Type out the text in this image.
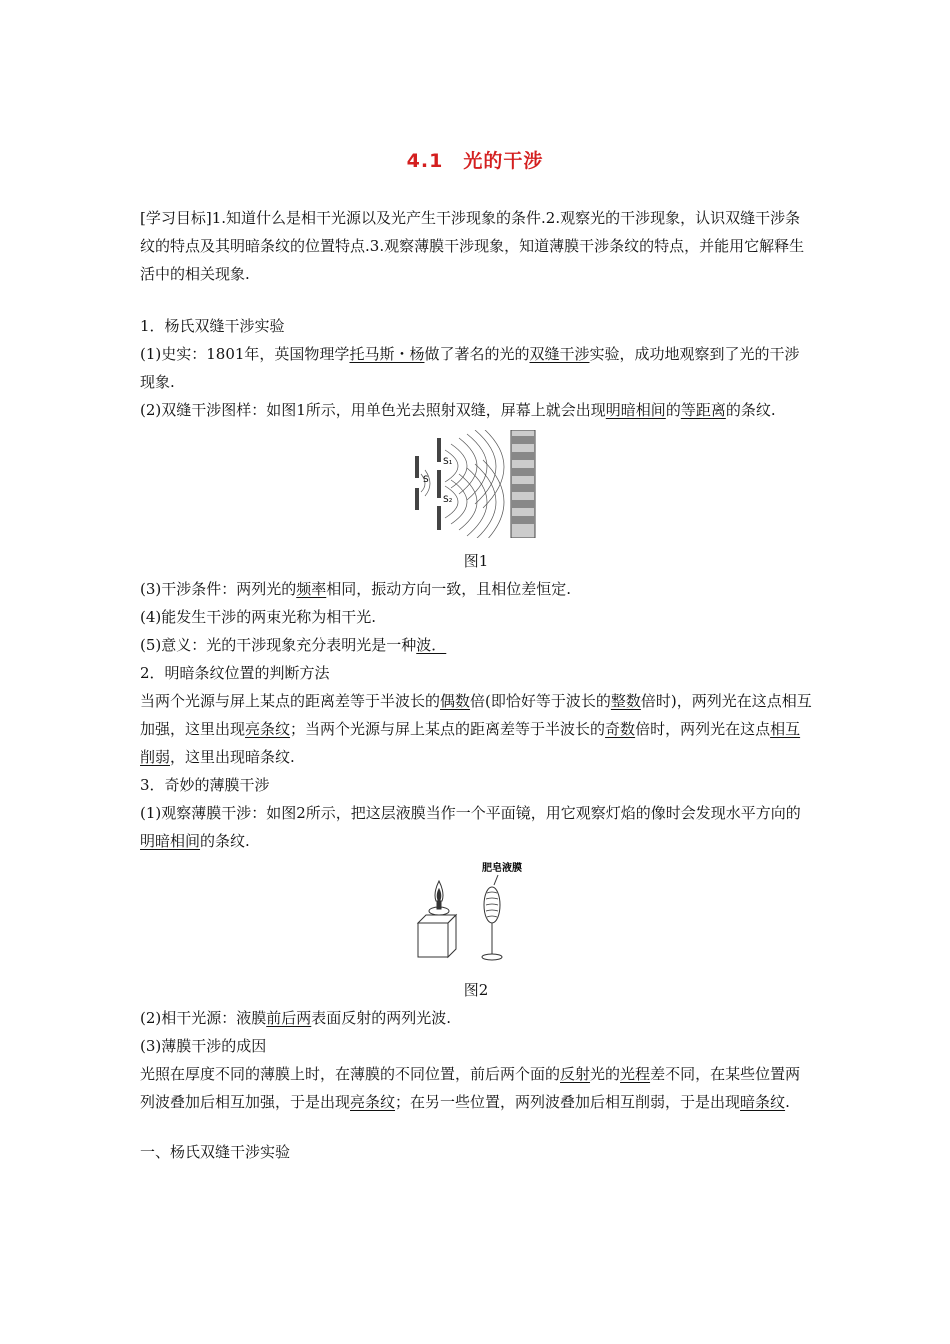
4.1　光的干涉

[学习目标]1.知道什么是相干光源以及光产生干涉现象的条件.2.观察光的干涉现象，认识双缝干涉条纹的特点及其明暗条纹的位置特点.3.观察薄膜干涉现象，知道薄膜干涉条纹的特点，并能用它解释生活中的相关现象.

1．杨氏双缝干涉实验

(1)史实：1801年，英国物理学托马斯・杨做了著名的光的双缝干涉实验，成功地观察到了光的干涉现象.

(2)双缝干涉图样：如图1所示，用单色光去照射双缝，屏幕上就会出现明暗相间的等距离的条纹.

S₁
S₂
S

图1

(3)干涉条件：两列光的频率相同，振动方向一致，且相位差恒定.

(4)能发生干涉的两束光称为相干光.

(5)意义：光的干涉现象充分表明光是一种波．

2．明暗条纹位置的判断方法

当两个光源与屏上某点的距离差等于半波长的偶数倍(即恰好等于波长的整数倍时)，两列光在这点相互加强，这里出现亮条纹；当两个光源与屏上某点的距离差等于半波长的奇数倍时，两列光在这点相互削弱，这里出现暗条纹.

3．奇妙的薄膜干涉

(1)观察薄膜干涉：如图2所示，把这层液膜当作一个平面镜，用它观察灯焰的像时会发现水平方向的明暗相间的条纹.

肥皂液膜

图2

(2)相干光源：液膜前后两表面反射的两列光波.

(3)薄膜干涉的成因

光照在厚度不同的薄膜上时，在薄膜的不同位置，前后两个面的反射光的光程差不同，在某些位置两列波叠加后相互加强，于是出现亮条纹；在另一些位置，两列波叠加后相互削弱，于是出现暗条纹.

一、杨氏双缝干涉实验
